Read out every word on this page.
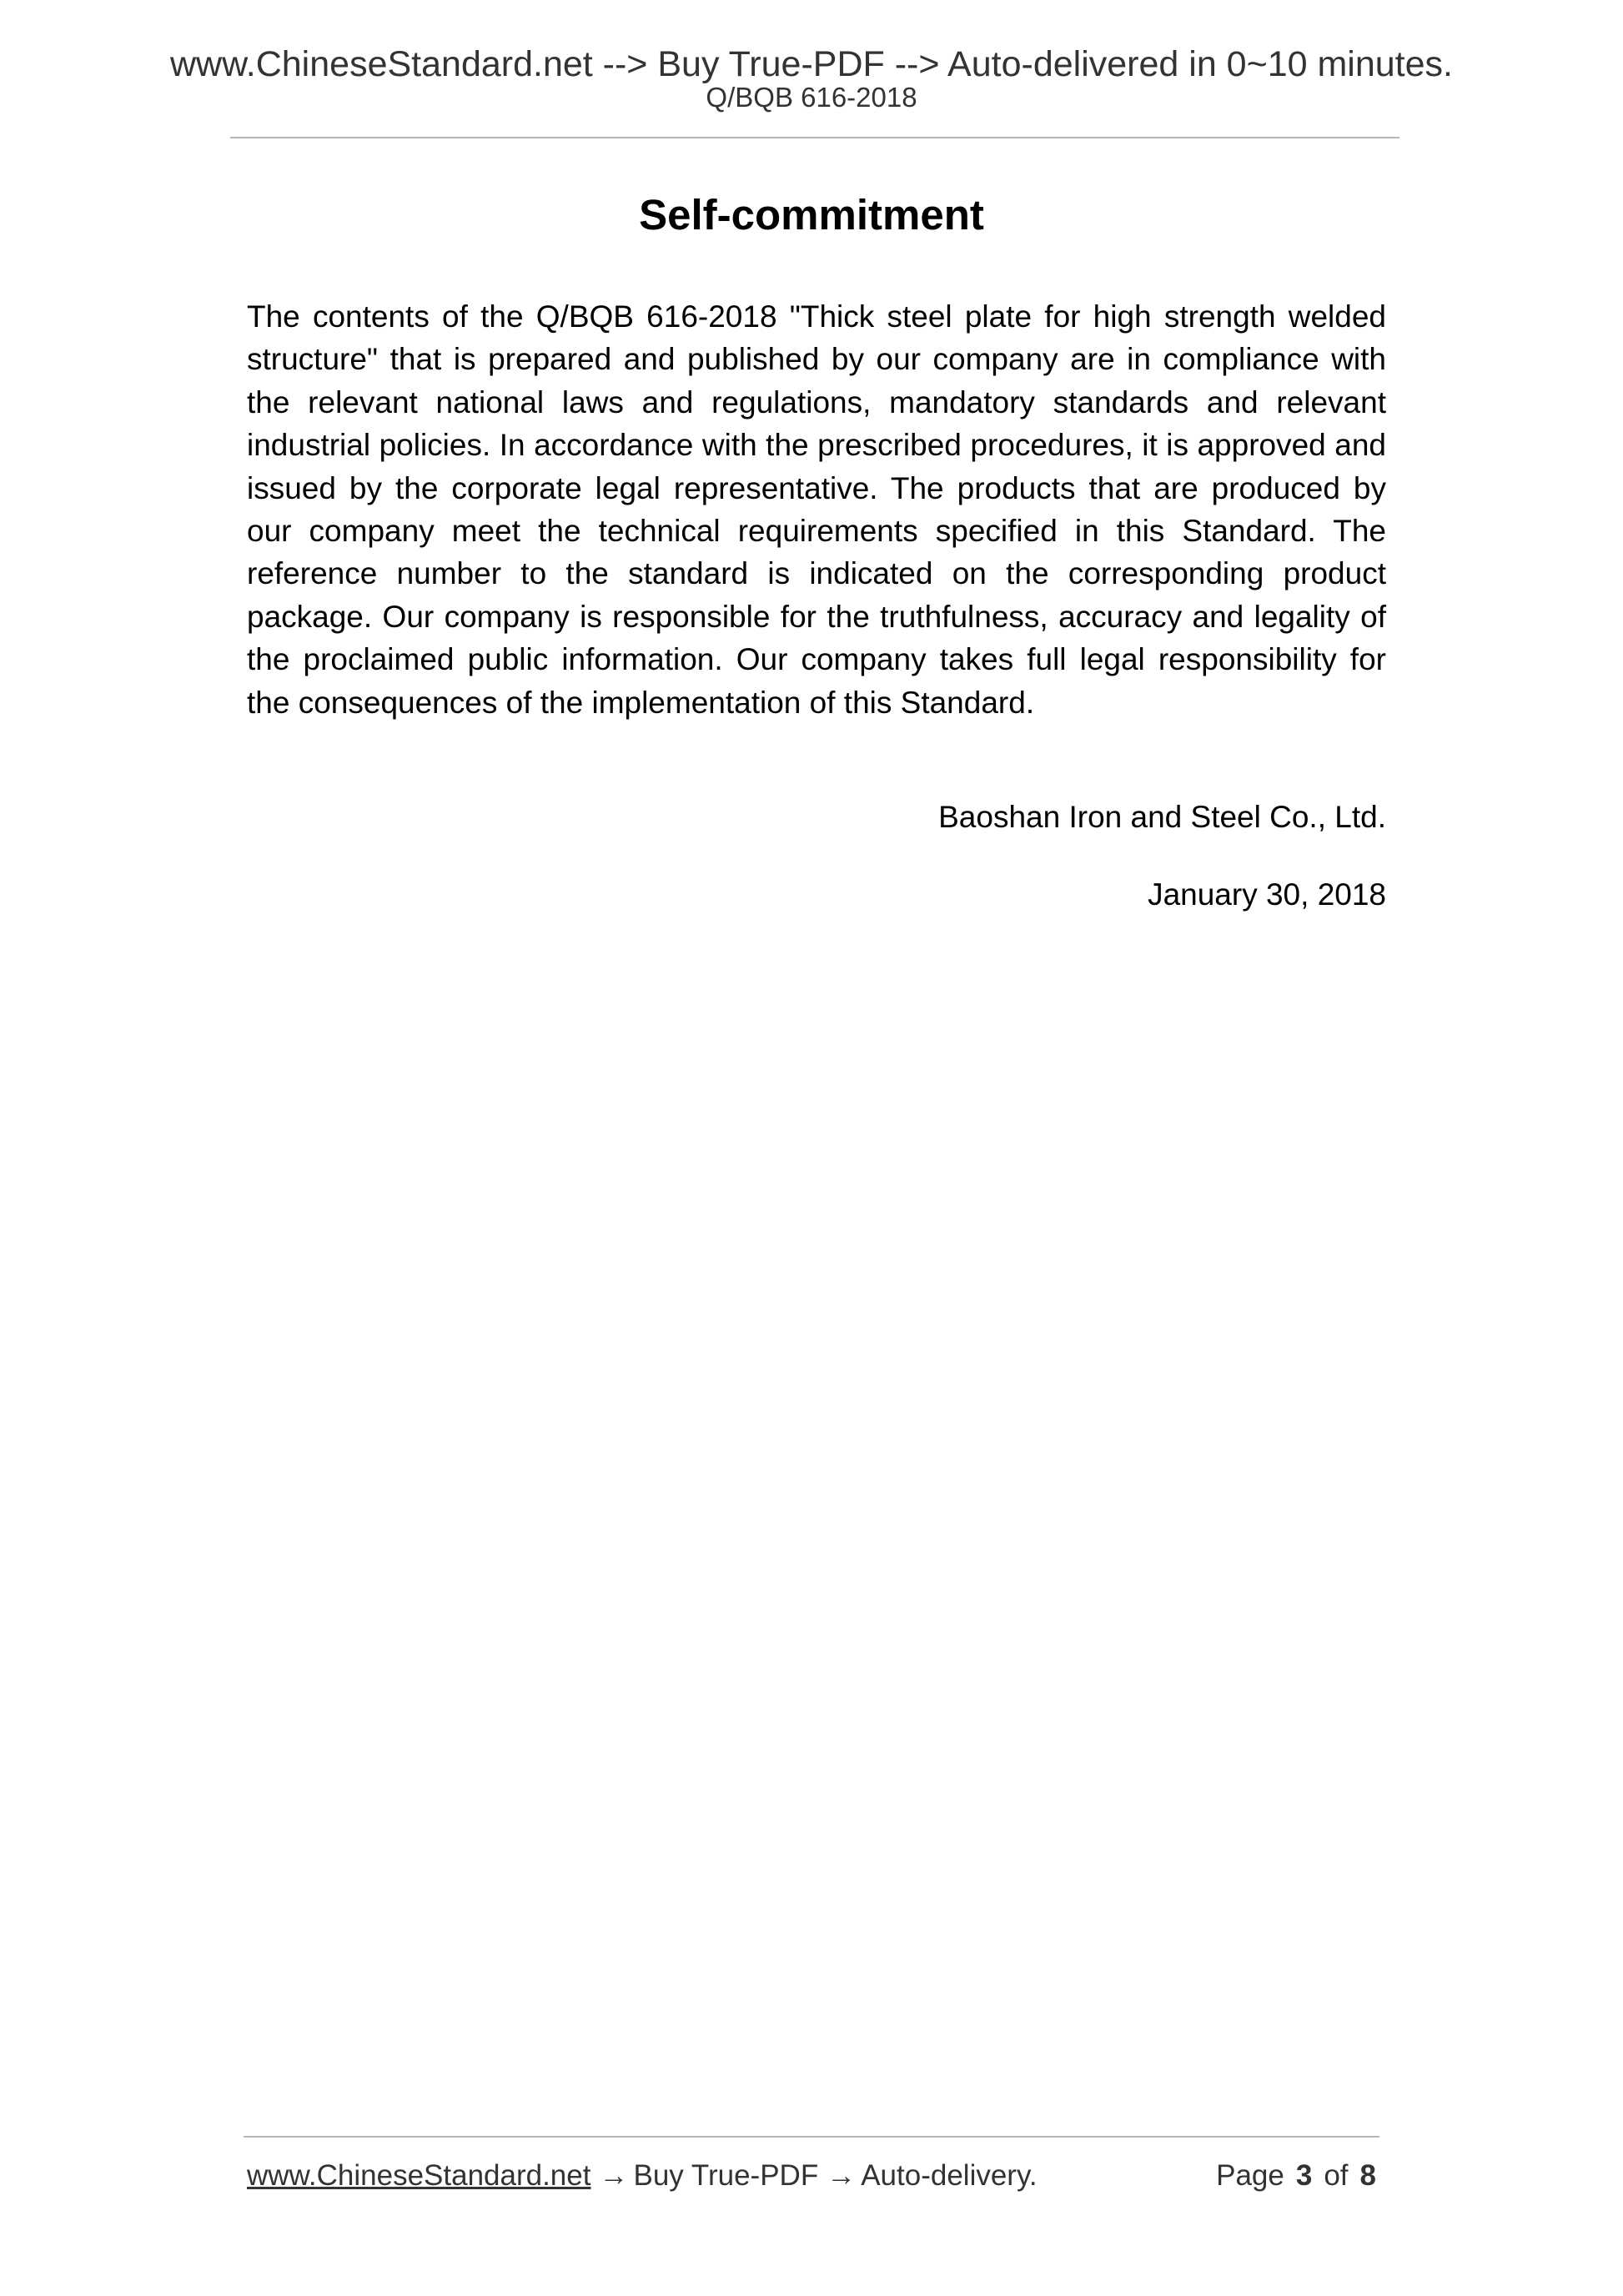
www.ChineseStandard.net --> Buy True-PDF --> Auto-delivered in 0~10 minutes.
Q/BQB 616-2018
Self-commitment

The contents of the Q/BQB 616-2018 "Thick steel plate for high strength welded structure" that is prepared and published by our company are in compliance with the relevant national laws and regulations, mandatory standards and relevant industrial policies. In accordance with the prescribed procedures, it is approved and issued by the corporate legal representative. The products that are produced by our company meet the technical requirements specified in this Standard. The reference number to the standard is indicated on the corresponding product package. Our company is responsible for the truthfulness, accuracy and legality of the proclaimed public information. Our company takes full legal responsibility for the consequences of the implementation of this Standard.

Baoshan Iron and Steel Co., Ltd.
January 30, 2018
www.ChineseStandard.net → Buy True-PDF → Auto-delivery.	Page 3 of 8
